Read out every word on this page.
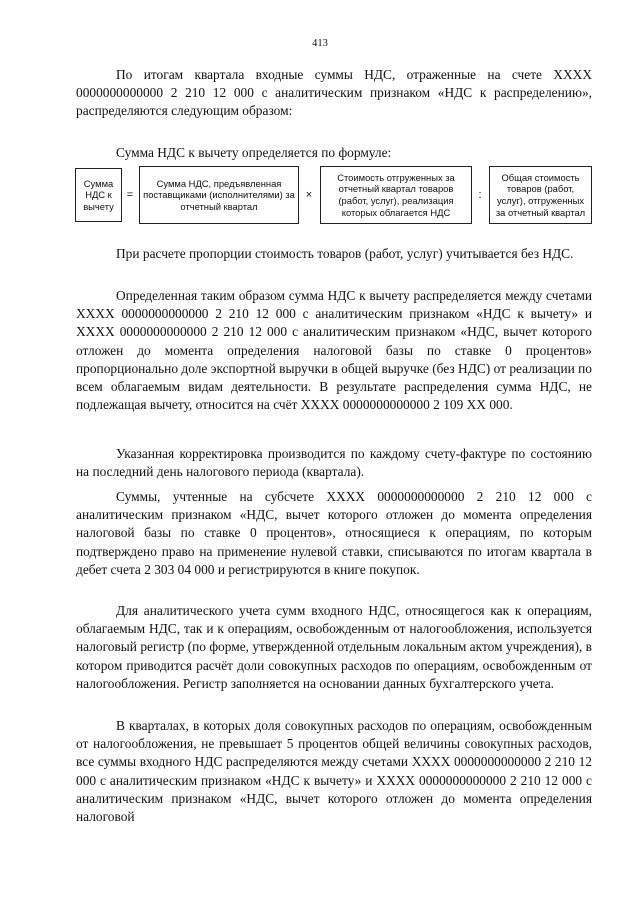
413

По итогам квартала входные суммы НДС, отраженные на счете XXXX 0000000000000 2 210 12 000 с аналитическим признаком «НДС к распределению», распределяются следующим образом:

Сумма НДС к вычету определяется по формуле:
Сумма НДС к вычету
=
Сумма НДС, предъявленная поставщиками (исполнителями) за отчетный квартал
×
Стоимость отгруженных за отчетный квартал товаров (работ, услуг), реализация которых облагается НДС
:
Общая стоимость товаров (работ, услуг), отгруженных за отчетный квартал

При расчете пропорции стоимость товаров (работ, услуг) учитывается без НДС.

Определенная таким образом сумма НДС к вычету распределяется между счетами XXXX 0000000000000 2 210 12 000 с аналитическим признаком «НДС к вычету» и XXXX 0000000000000 2 210 12 000 с аналитическим признаком «НДС, вычет которого отложен до момента определения налоговой базы по ставке 0 процентов» пропорционально доле экспортной выручки в общей выручке (без НДС) от реализации по всем облагаемым видам деятельности. В результате распределения сумма НДС, не подлежащая вычету, относится на счёт XXXX 0000000000000 2 109 XX 000.

Указанная корректировка производится по каждому счету-фактуре по состоянию на последний день налогового периода (квартала).

Суммы, учтенные на субсчете XXXX 0000000000000 2 210 12 000 с аналитическим признаком «НДС, вычет которого отложен до момента определения налоговой базы по ставке 0 процентов», относящиеся к операциям, по которым подтверждено право на применение нулевой ставки, списываются по итогам квартала в дебет счета 2 303 04 000 и регистрируются в книге покупок.

Для аналитического учета сумм входного НДС, относящегося как к операциям, облагаемым НДС, так и к операциям, освобожденным от налогообложения, используется налоговый регистр (по форме, утвержденной отдельным локальным актом учреждения), в котором приводится расчёт доли совокупных расходов по операциям, освобожденным от налогообложения. Регистр заполняется на основании данных бухгалтерского учета.

В кварталах, в которых доля совокупных расходов по операциям, освобожденным от налогообложения, не превышает 5 процентов общей величины совокупных расходов, все суммы входного НДС распределяются между счетами XXXX 0000000000000 2 210 12 000 с аналитическим признаком «НДС к вычету» и XXXX 0000000000000 2 210 12 000 с аналитическим признаком «НДС, вычет которого отложен до момента определения налоговой
